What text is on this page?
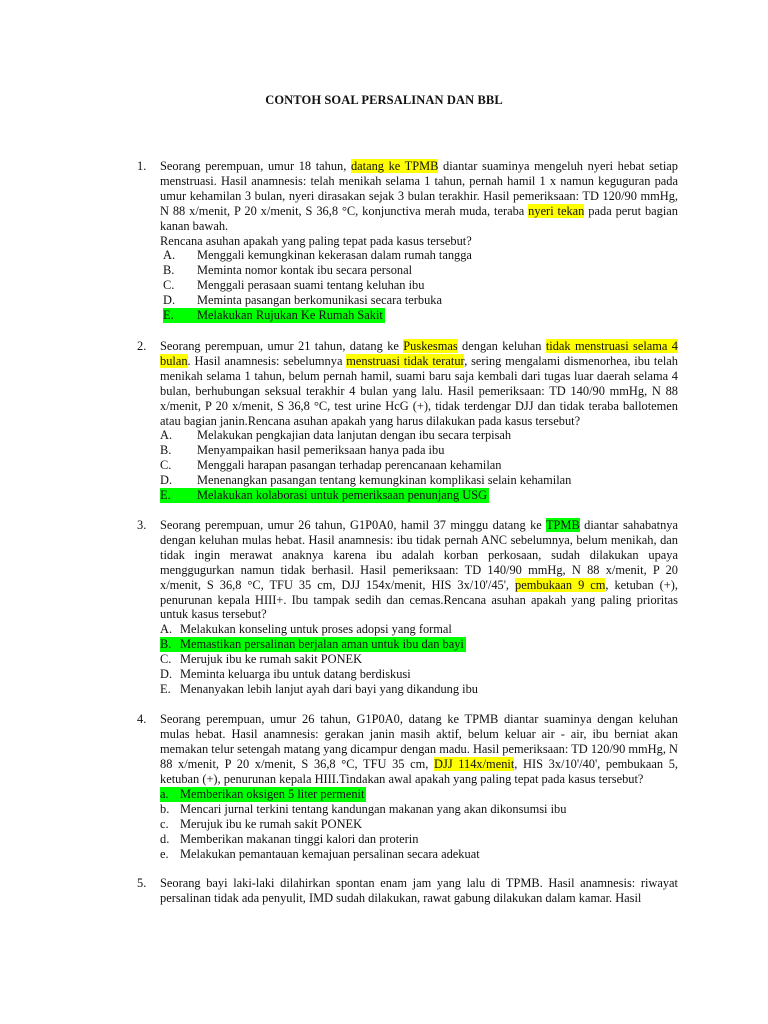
CONTOH SOAL PERSALINAN DAN BBL
1. Seorang perempuan, umur 18 tahun, datang ke TPMB diantar suaminya mengeluh nyeri hebat setiap menstruasi. Hasil anamnesis: telah menikah selama 1 tahun, pernah hamil 1 x namun keguguran pada umur kehamilan 3 bulan, nyeri dirasakan sejak 3 bulan terakhir. Hasil pemeriksaan: TD 120/90 mmHg, N 88 x/menit, P 20 x/menit, S 36,8 °C, konjunctiva merah muda, teraba nyeri tekan pada perut bagian kanan bawah.
Rencana asuhan apakah yang paling tepat pada kasus tersebut?
A. Menggali kemungkinan kekerasan dalam rumah tangga
B. Meminta nomor kontak ibu secara personal
C. Menggali perasaan suami tentang keluhan ibu
D. Meminta pasangan berkomunikasi secara terbuka
E. Melakukan Rujukan Ke Rumah Sakit
2. Seorang perempuan, umur 21 tahun, datang ke Puskesmas dengan keluhan tidak menstruasi selama 4 bulan. Hasil anamnesis: sebelumnya menstruasi tidak teratur, sering mengalami dismenorhea, ibu telah menikah selama 1 tahun, belum pernah hamil, suami baru saja kembali dari tugas luar daerah selama 4 bulan, berhubungan seksual terakhir 4 bulan yang lalu. Hasil pemeriksaan: TD 140/90 mmHg, N 88 x/menit, P 20 x/menit, S 36,8 °C, test urine HcG (+), tidak terdengar DJJ dan tidak teraba ballotemen atau bagian janin.Rencana asuhan apakah yang harus dilakukan pada kasus tersebut?
A. Melakukan pengkajian data lanjutan dengan ibu secara terpisah
B. Menyampaikan hasil pemeriksaan hanya pada ibu
C. Menggali harapan pasangan terhadap perencanaan kehamilan
D. Menenangkan pasangan tentang kemungkinan komplikasi selain kehamilan
E. Melakukan kolaborasi untuk pemeriksaan penunjang USG
3. Seorang perempuan, umur 26 tahun, G1P0A0, hamil 37 minggu datang ke TPMB diantar sahabatnya dengan keluhan mulas hebat. Hasil anamnesis: ibu tidak pernah ANC sebelumnya, belum menikah, dan tidak ingin merawat anaknya karena ibu adalah korban perkosaan, sudah dilakukan upaya menggugurkan namun tidak berhasil. Hasil pemeriksaan: TD 140/90 mmHg, N 88 x/menit, P 20 x/menit, S 36,8 °C, TFU 35 cm, DJJ 154x/menit, HIS 3x/10'/45', pembukaan 9 cm, ketuban (+), penurunan kepala HIII+. Ibu tampak sedih dan cemas.Rencana asuhan apakah yang paling prioritas untuk kasus tersebut?
A. Melakukan konseling untuk proses adopsi yang formal
B. Memastikan persalinan berjalan aman untuk ibu dan bayi
C. Merujuk ibu ke rumah sakit PONEK
D. Meminta keluarga ibu untuk datang berdiskusi
E. Menanyakan lebih lanjut ayah dari bayi yang dikandung ibu
4. Seorang perempuan, umur 26 tahun, G1P0A0, datang ke TPMB diantar suaminya dengan keluhan mulas hebat. Hasil anamnesis: gerakan janin masih aktif, belum keluar air - air, ibu berniat akan memakan telur setengah matang yang dicampur dengan madu. Hasil pemeriksaan: TD 120/90 mmHg, N 88 x/menit, P 20 x/menit, S 36,8 °C, TFU 35 cm, DJJ 114x/menit, HIS 3x/10'/40', pembukaan 5, ketuban (+), penurunan kepala HIII.Tindakan awal apakah yang paling tepat pada kasus tersebut?
a. Memberikan oksigen 5 liter permenit
b. Mencari jurnal terkini tentang kandungan makanan yang akan dikonsumsi ibu
c. Merujuk ibu ke rumah sakit PONEK
d. Memberikan makanan tinggi kalori dan proterin
e. Melakukan pemantauan kemajuan persalinan secara adekuat
5. Seorang bayi laki-laki dilahirkan spontan enam jam yang lalu di TPMB. Hasil anamnesis: riwayat persalinan tidak ada penyulit, IMD sudah dilakukan, rawat gabung dilakukan dalam kamar. Hasil
